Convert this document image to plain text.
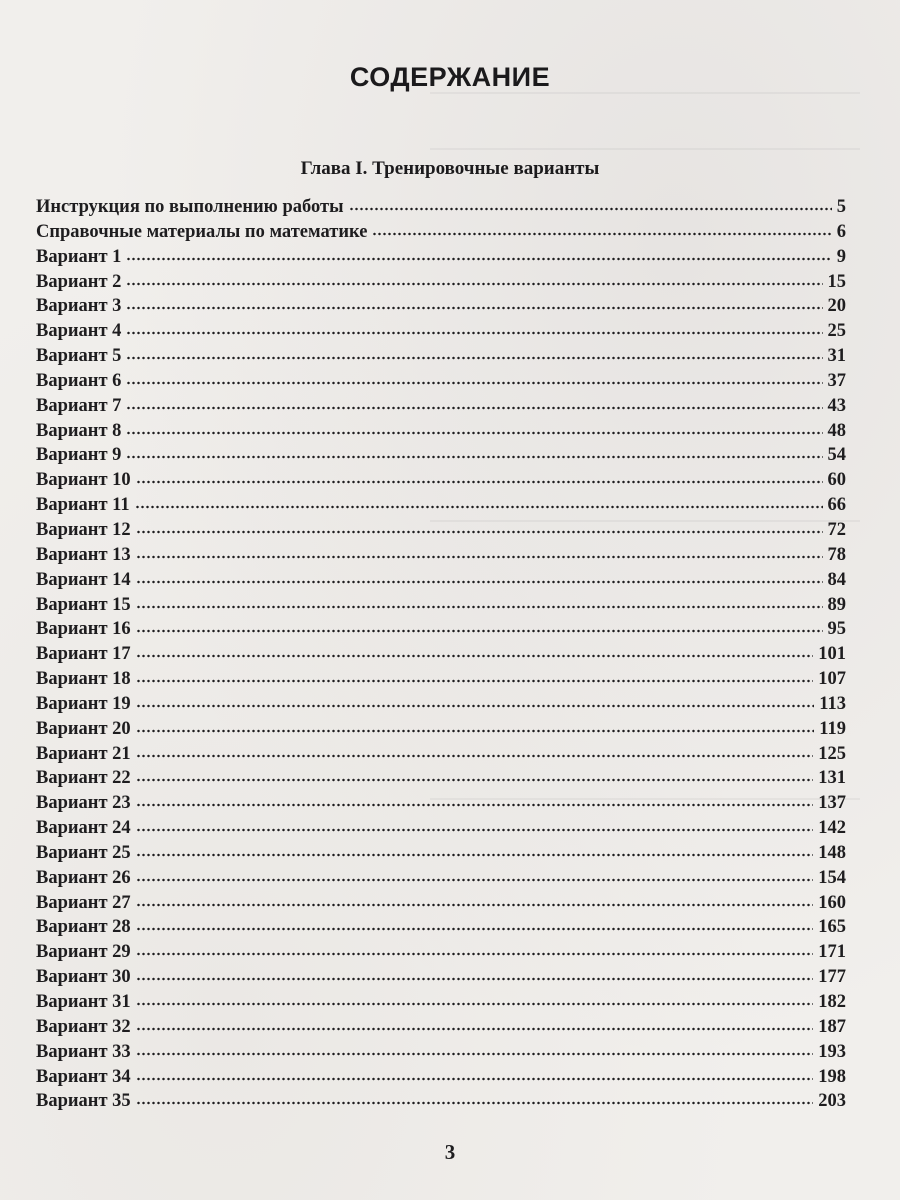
СОДЕРЖАНИЕ
Глава I. Тренировочные варианты
Инструкция по выполнению работы	5
Справочные материалы по математике	6
Вариант 1	9
Вариант 2	15
Вариант 3	20
Вариант 4	25
Вариант 5	31
Вариант 6	37
Вариант 7	43
Вариант 8	48
Вариант 9	54
Вариант 10	60
Вариант 11	66
Вариант 12	72
Вариант 13	78
Вариант 14	84
Вариант 15	89
Вариант 16	95
Вариант 17	101
Вариант 18	107
Вариант 19	113
Вариант 20	119
Вариант 21	125
Вариант 22	131
Вариант 23	137
Вариант 24	142
Вариант 25	148
Вариант 26	154
Вариант 27	160
Вариант 28	165
Вариант 29	171
Вариант 30	177
Вариант 31	182
Вариант 32	187
Вариант 33	193
Вариант 34	198
Вариант 35	203
3
